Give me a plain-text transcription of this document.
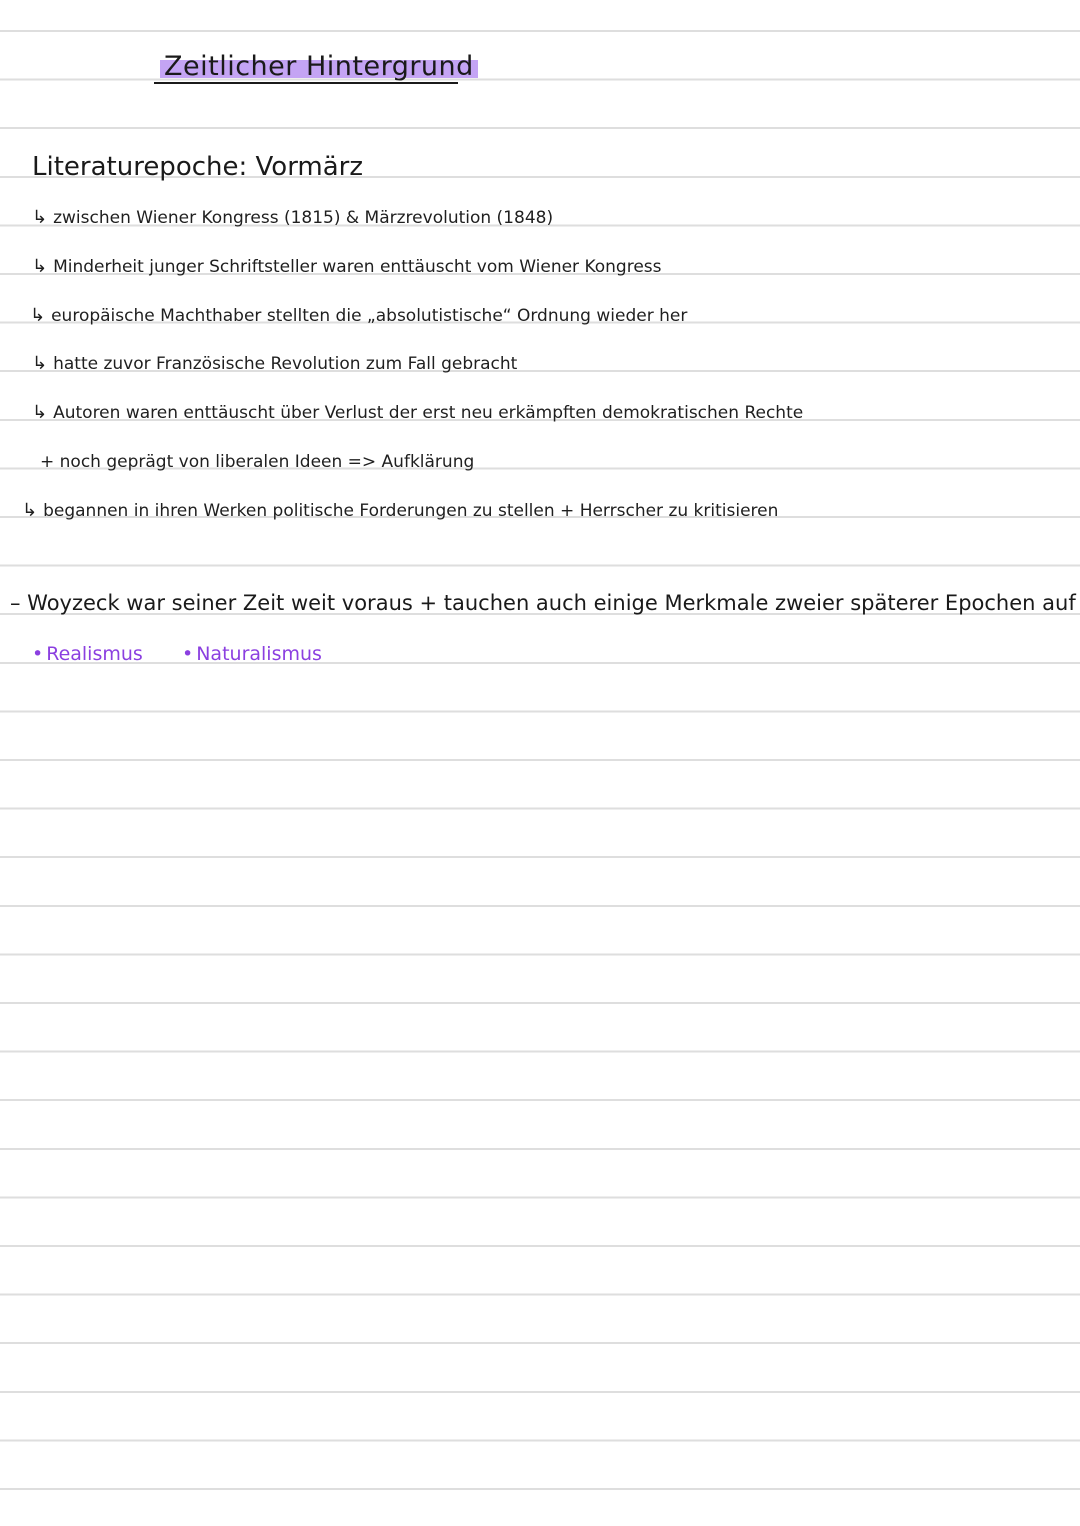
Zeitlicher Hintergrund
Literaturepoche: Vormärz
↳ zwischen Wiener Kongress (1815) & Märzrevolution (1848)
↳ Minderheit junger Schriftsteller waren enttäuscht vom Wiener Kongress
↳ europäische Machthaber stellten die „absolutistische“ Ordnung wieder her
↳ hatte zuvor Französische Revolution zum Fall gebracht
↳ Autoren waren enttäuscht über Verlust der erst neu erkämpften demokratischen Rechte
+ noch geprägt von liberalen Ideen => Aufklärung
↳ begannen in ihren Werken politische Forderungen zu stellen + Herrscher zu kritisieren
– Woyzeck war seiner Zeit weit voraus + tauchen auch einige Merkmale zweier späterer Epochen auf
• Realismus • Naturalismus
